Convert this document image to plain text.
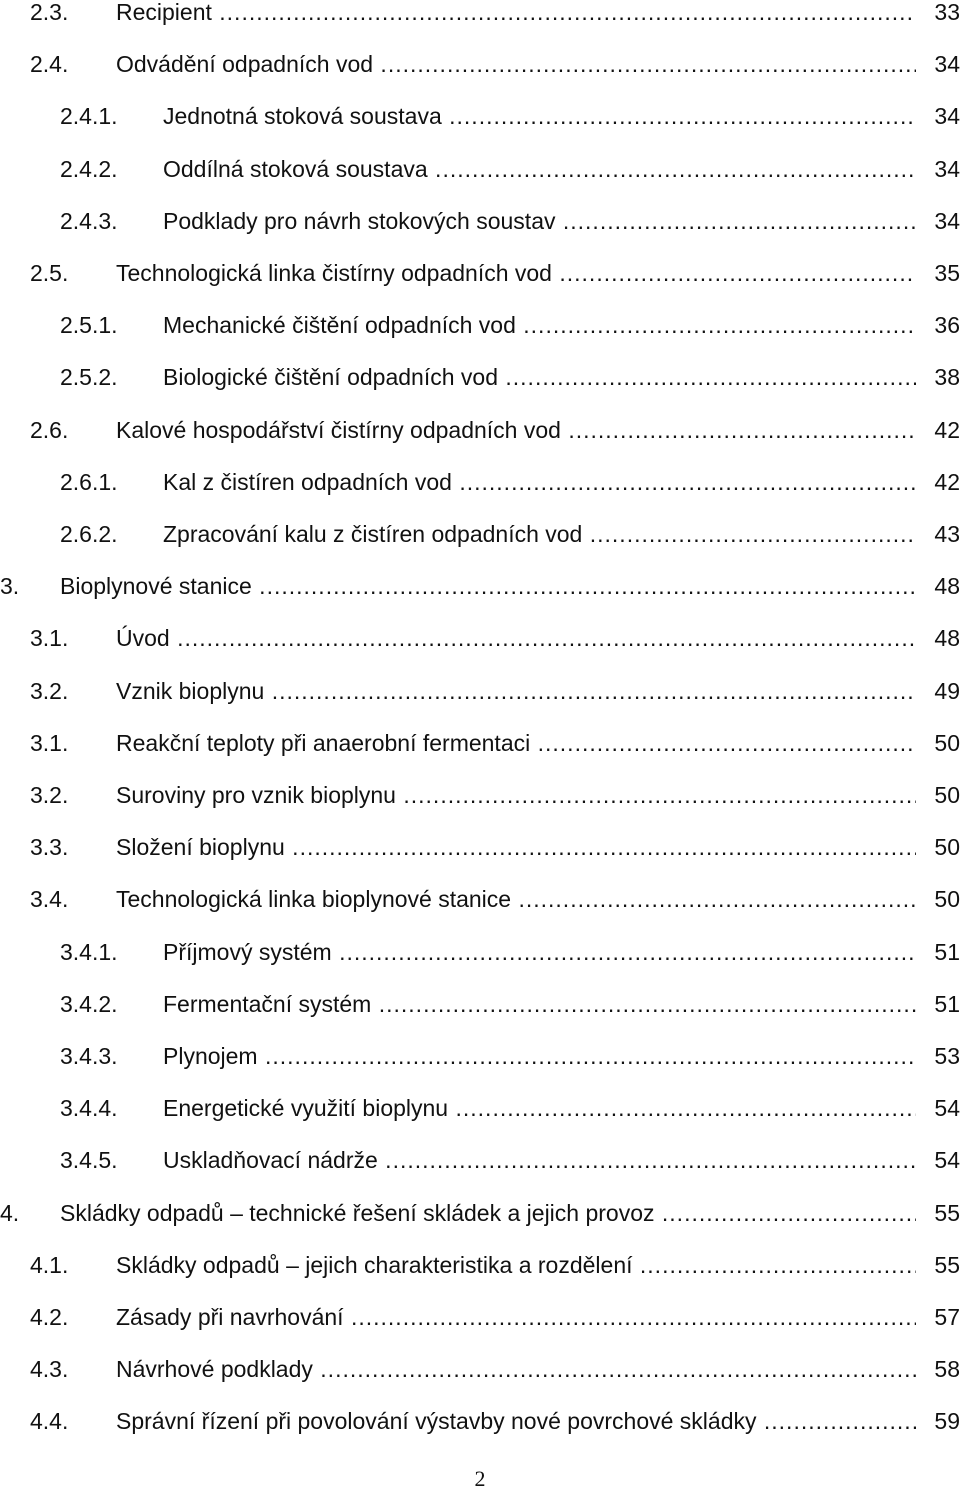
2.3. Recipient .....	33
2.4. Odvádění odpadních vod .....	34
2.4.1. Jednotná stoková soustava .....	34
2.4.2. Oddílná stoková soustava .....	34
2.4.3. Podklady pro návrh stokových soustav .....	34
2.5. Technologická linka čistírny odpadních vod .....	35
2.5.1. Mechanické čištění odpadních vod .....	36
2.5.2. Biologické čištění odpadních vod .....	38
2.6. Kalové hospodářství čistírny odpadních vod .....	42
2.6.1. Kal z čistíren odpadních vod .....	42
2.6.2. Zpracování kalu z čistíren odpadních vod .....	43
3. Bioplynové stanice .....	48
3.1. Úvod .....	48
3.2. Vznik bioplynu .....	49
3.1. Reakční teploty při anaerobní fermentaci .....	50
3.2. Suroviny pro vznik bioplynu .....	50
3.3. Složení bioplynu .....	50
3.4. Technologická linka bioplynové stanice .....	50
3.4.1. Příjmový systém .....	51
3.4.2. Fermentační systém .....	51
3.4.3. Plynojem .....	53
3.4.4. Energetické využití bioplynu .....	54
3.4.5. Uskladňovací nádrže .....	54
4. Skládky odpadů – technické řešení skládek a jejich provoz .....	55
4.1. Skládky odpadů – jejich charakteristika a rozdělení .....	55
4.2. Zásady při navrhování .....	57
4.3. Návrhové podklady .....	58
4.4. Správní řízení při povolování výstavby nové povrchové skládky .....	59
2
